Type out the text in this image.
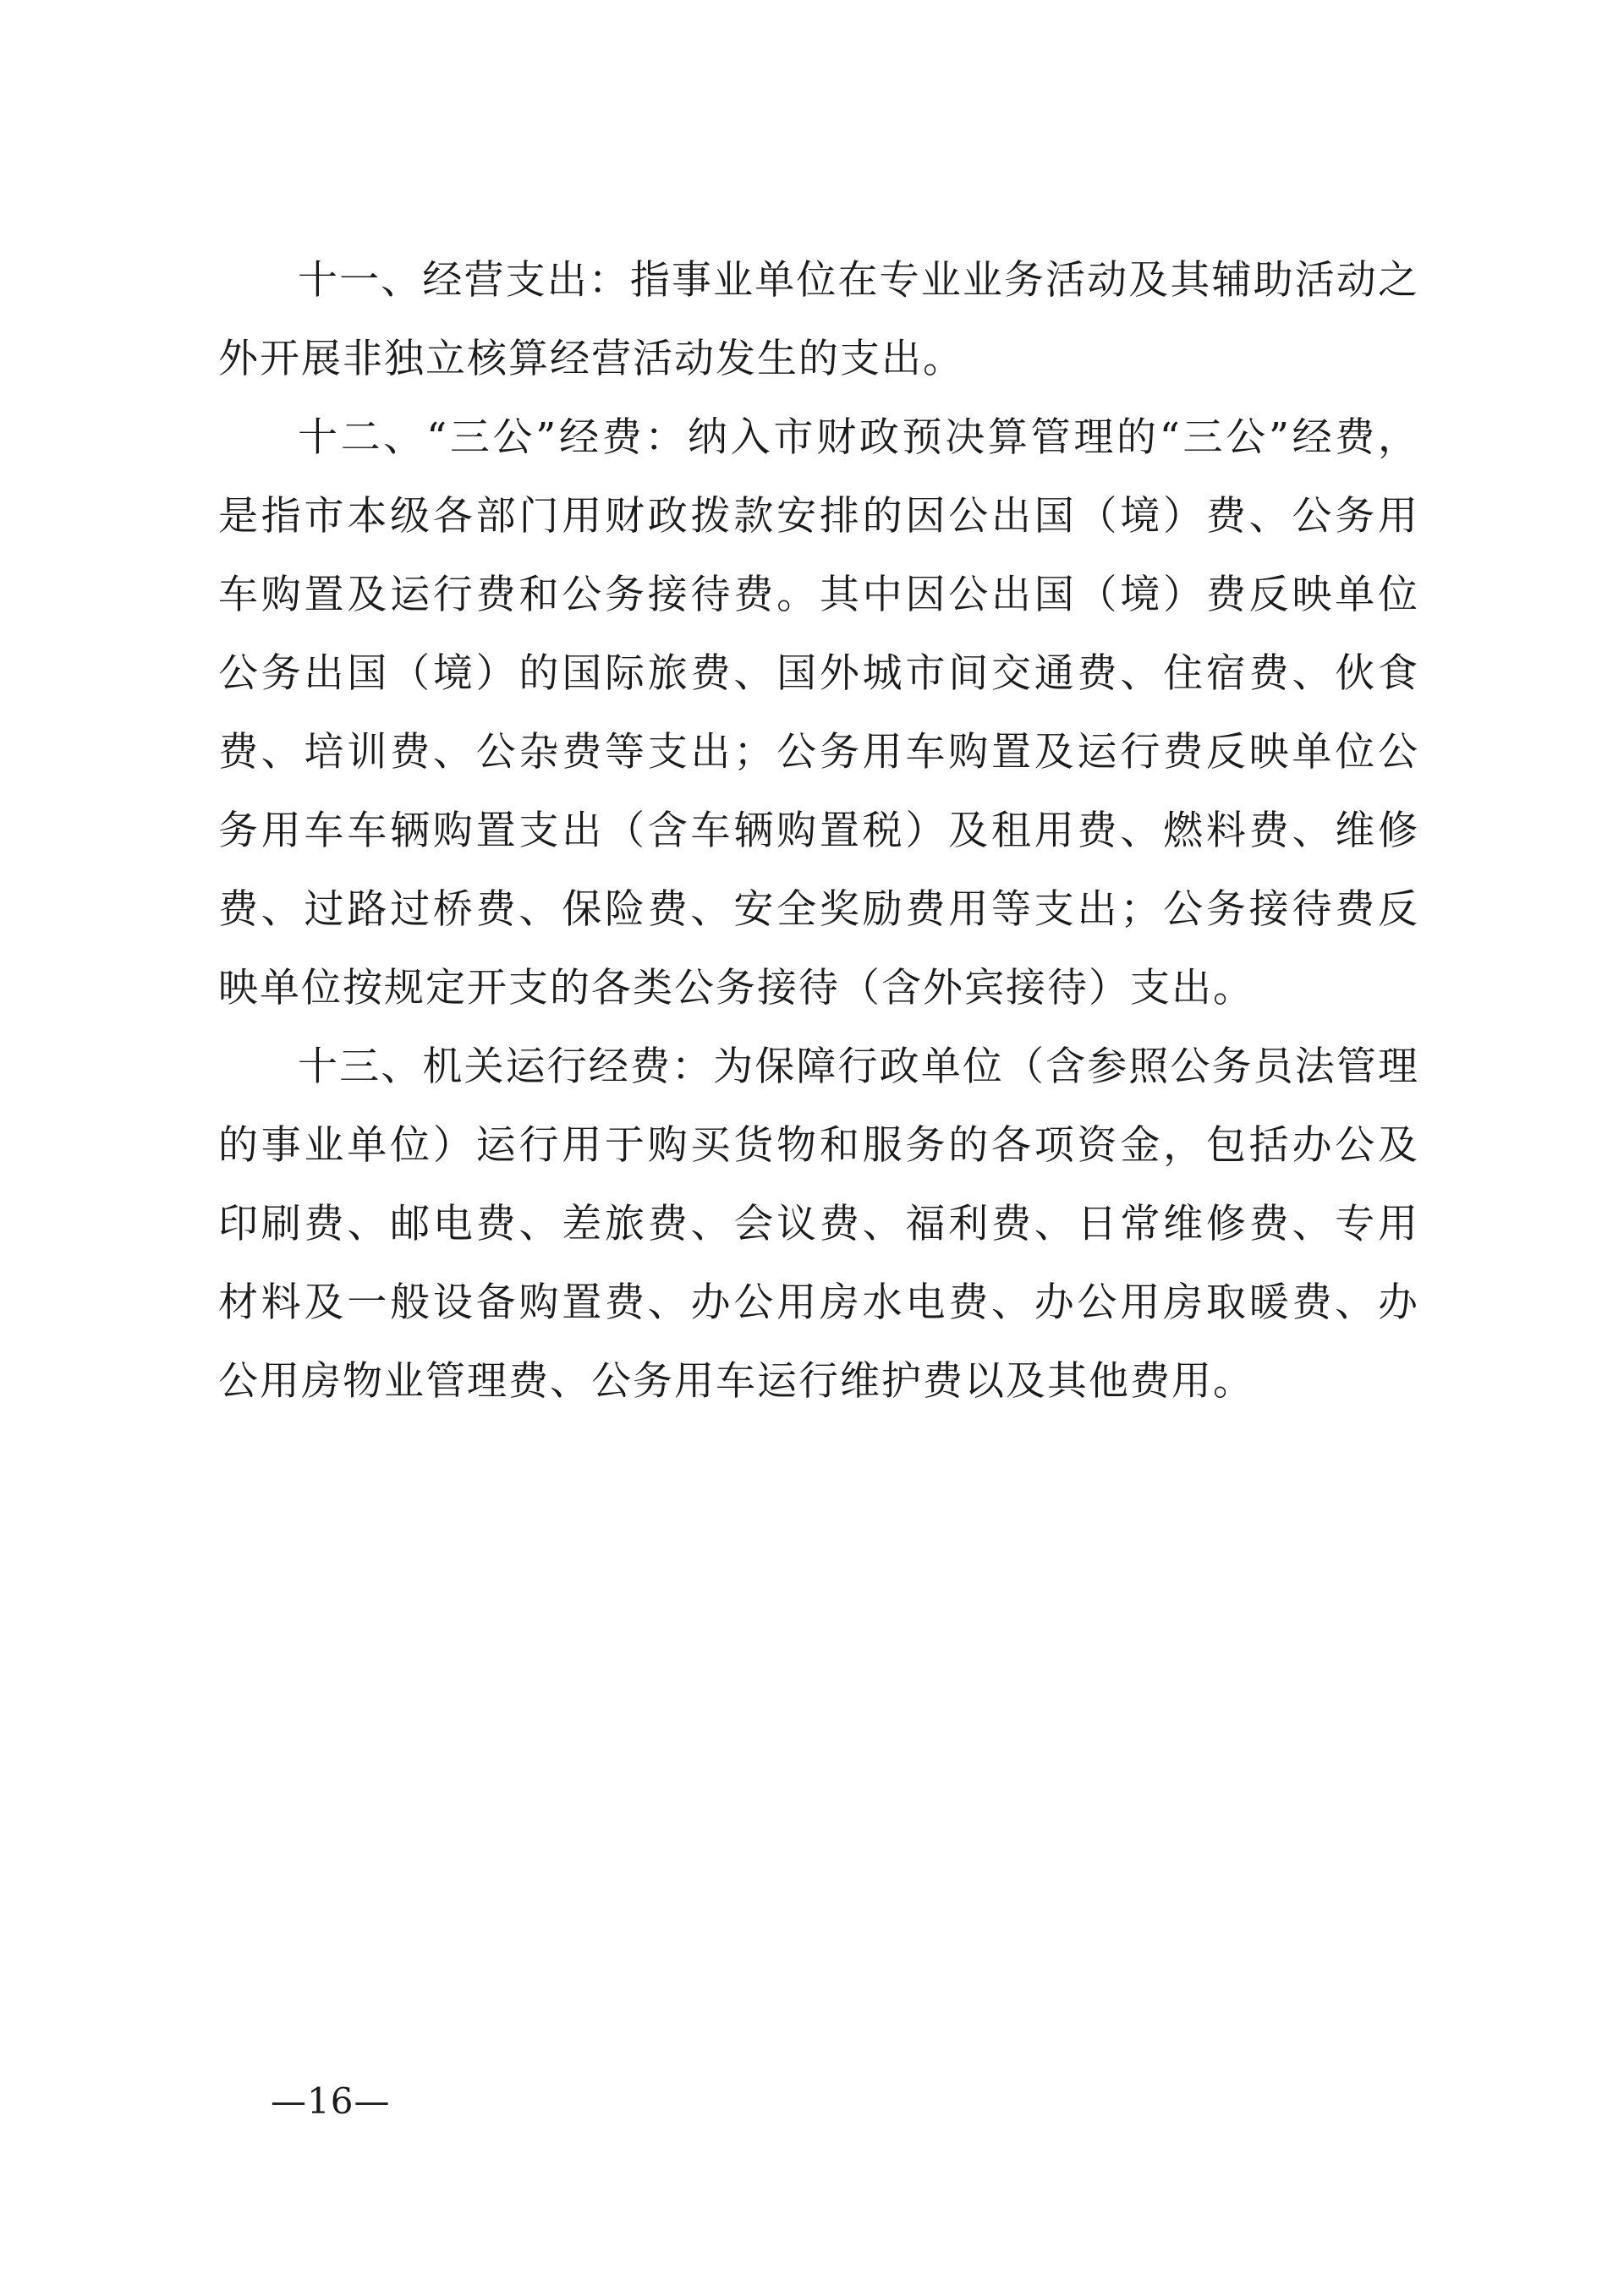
十一、经营支出：指事业单位在专业业务活动及其辅助活动之外开展非独立核算经营活动发生的支出。

十二、“三公”经费：纳入市财政预决算管理的“三公”经费，是指市本级各部门用财政拨款安排的因公出国（境）费、公务用车购置及运行费和公务接待费。其中因公出国（境）费反映单位公务出国（境）的国际旅费、国外城市间交通费、住宿费、伙食费、培训费、公杂费等支出；公务用车购置及运行费反映单位公务用车车辆购置支出（含车辆购置税）及租用费、燃料费、维修费、过路过桥费、保险费、安全奖励费用等支出；公务接待费反映单位按规定开支的各类公务接待（含外宾接待）支出。

十三、机关运行经费：为保障行政单位（含参照公务员法管理的事业单位）运行用于购买货物和服务的各项资金，包括办公及印刷费、邮电费、差旅费、会议费、福利费、日常维修费、专用材料及一般设备购置费、办公用房水电费、办公用房取暖费、办公用房物业管理费、公务用车运行维护费以及其他费用。

—16—
